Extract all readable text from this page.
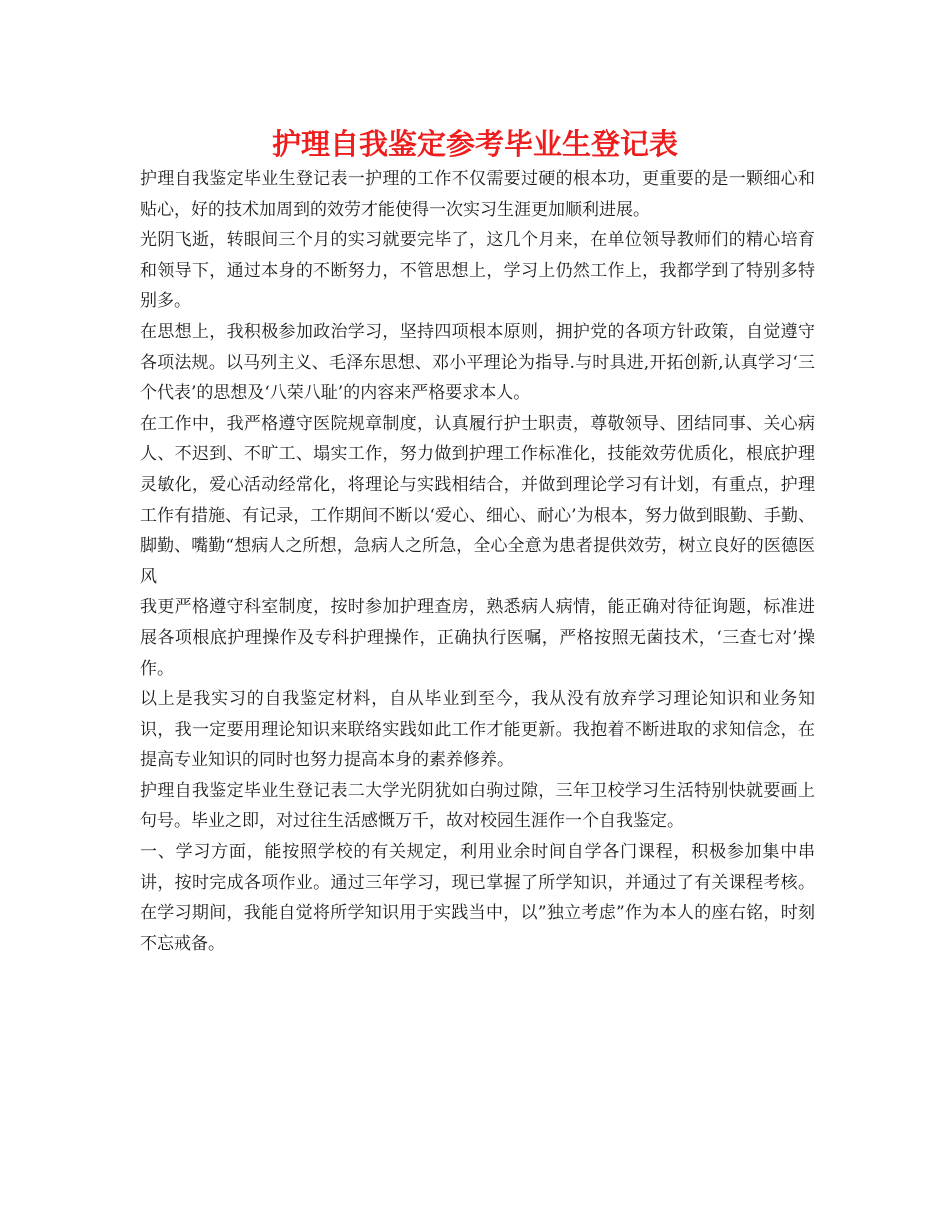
护理自我鉴定参考毕业生登记表

护理自我鉴定毕业生登记表一护理的工作不仅需要过硬的根本功，更重要的是一颗细心和贴心，好的技术加周到的效劳才能使得一次实习生涯更加顺利进展。

光阴飞逝，转眼间三个月的实习就要完毕了，这几个月来，在单位领导教师们的精心培育和领导下，通过本身的不断努力，不管思想上，学习上仍然工作上，我都学到了特别多特别多。

在思想上，我积极参加政治学习，坚持四项根本原则，拥护党的各项方针政策，自觉遵守各项法规。以马列主义、毛泽东思想、邓小平理论为指导.与时具进,开拓创新,认真学习‘三个代表’的思想及‘八荣八耻’的内容来严格要求本人。

在工作中，我严格遵守医院规章制度，认真履行护士职责，尊敬领导、团结同事、关心病人、不迟到、不旷工、塌实工作，努力做到护理工作标准化，技能效劳优质化，根底护理灵敏化，爱心活动经常化，将理论与实践相结合，并做到理论学习有计划，有重点，护理工作有措施、有记录，工作期间不断以‘爱心、细心、耐心’为根本，努力做到眼勤、手勤、脚勤、嘴勤“想病人之所想，急病人之所急，全心全意为患者提供效劳，树立良好的医德医风

我更严格遵守科室制度，按时参加护理查房，熟悉病人病情，能正确对待征询题，标准进展各项根底护理操作及专科护理操作，正确执行医嘱，严格按照无菌技术，‘三查七对’操作。

以上是我实习的自我鉴定材料，自从毕业到至今，我从没有放弃学习理论知识和业务知识，我一定要用理论知识来联络实践如此工作才能更新。我抱着不断进取的求知信念，在提高专业知识的同时也努力提高本身的素养修养。

护理自我鉴定毕业生登记表二大学光阴犹如白驹过隙，三年卫校学习生活特别快就要画上句号。毕业之即，对过往生活感慨万千，故对校园生涯作一个自我鉴定。

一、学习方面，能按照学校的有关规定，利用业余时间自学各门课程，积极参加集中串讲，按时完成各项作业。通过三年学习，现已掌握了所学知识，并通过了有关课程考核。在学习期间，我能自觉将所学知识用于实践当中，以”独立考虑”作为本人的座右铭，时刻不忘戒备。
